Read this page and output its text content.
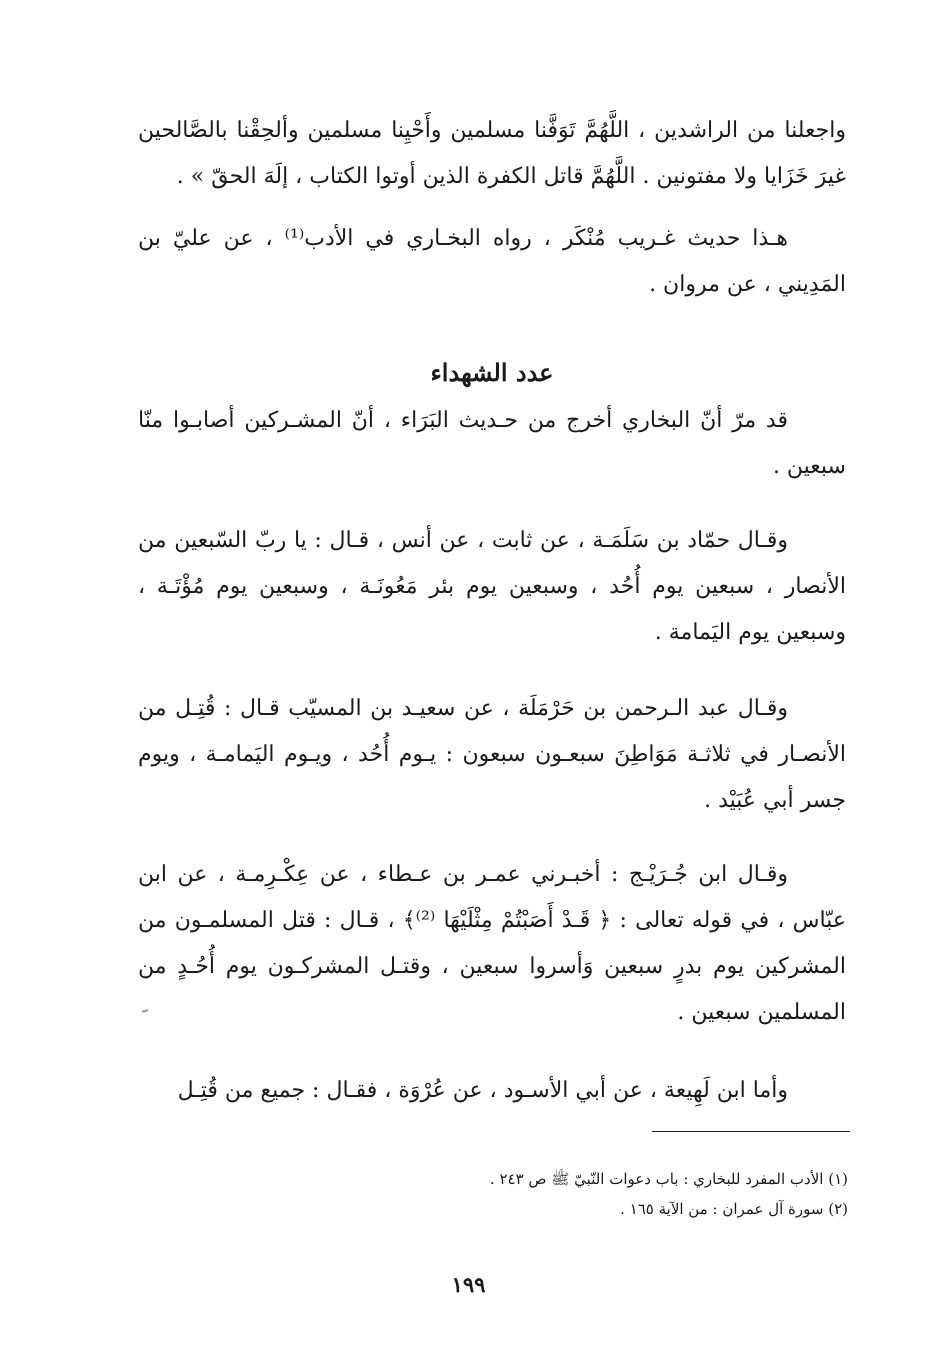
واجعلنا من الراشدين ، اللَّهُمَّ تَوَفَّنا مسلمين وأَحْيِنا مسلمين وألحِقْنا بالصَّالحين غيرَ خَزَايا ولا مفتونين . اللَّهُمَّ قاتل الكفرة الذين أوتوا الكتاب ، إلَهَ الحقّ » .

هـذا حديث غـريب مُنْكَر ، رواه البخـاري في الأدب⁽¹⁾ ، عن عليّ بن المَدِيني ، عن مروان .

عدد الشهداء

قد مرّ أنّ البخاري أخرج من حـديث البَرَاء ، أنّ المشـركين أصابـوا منّا سبعين .

وقـال حمّاد بن سَلَمَـة ، عن ثابت ، عن أنس ، قـال : يا ربّ السّبعين من الأنصار ، سبعين يوم أُحُد ، وسبعين يوم بئر مَعُونَـة ، وسبعين يوم مُؤْتَـة ، وسبعين يوم اليَمامة .

وقـال عبد الـرحمن بن حَرْمَلَة ، عن سعيـد بن المسيّب قـال : قُتِـل من الأنصـار في ثلاثـة مَوَاطِنَ سبعـون سبعون : يـوم أُحُد ، ويـوم اليَمامـة ، ويوم جسر أبي عُبَيْد .

وقـال ابن جُـرَيْـج : أخبـرني عمـر بن عـطاء ، عن عِكْـرِمـة ، عن ابن عبّاس ، في قوله تعالى : ﴿ قَـدْ أَصَبْتُمْ مِثْلَيْهَا ⁽²⁾﴾ ، قـال : قتل المسلمـون من المشركين يوم بدرٍ سبعين وَأسروا سبعين ، وقتـل المشركـون يوم أُحُـدٍ من المسلمين سبعين .

وأما ابن لَهِيعة ، عن أبي الأسـود ، عن عُرْوَة ، فقـال : جميع من قُتِـل

(١) الأدب المفرد للبخاري : باب دعوات النّبيّ ﷺ ص ٢٤٣ .

(٢) سورة آل عمران : من الآية ١٦٥ .

١٩٩
